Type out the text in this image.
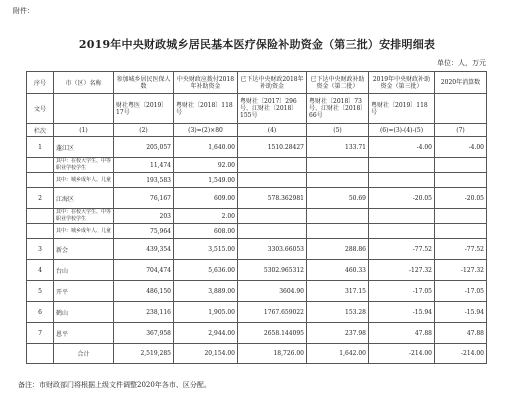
附件：
2019年中央财政城乡居民基本医疗保险补助资金（第三批）安排明细表
单位：人，万元
序号	市（区）名称	参加城乡居民医保人数	中央财政应拨付2018年补助资金	已下达中央财政2018年补助资金	已下达中央财政补助资金（第二批）	2019年中央财政补助资金（第三批）	2020年消算数
文号		财社粤医〔2019〕17号	粤财社〔2018〕118号	粤财社〔2017〕296号、江财社〔2018〕155号	粤财社〔2018〕73号、江财社〔2018〕66号	粤财社〔2019〕118号	
栏次	(1)	(2)	(3)=(2)×80	(4)	(5)	(6)=(3)-(4)-(5)	(7)
1	蓬江区	205,057	1,640.00	1510.28427	133.71	-4.00	-4.00
	其中：在校大学生、中等职业学校学生	11,474	92.00				
	其中：城乡成年人、儿童	193,583	1,549.00				
2	江海区	76,167	609.00	578.362981	50.69	-20.05	-20.05
	其中：在校大学生、中等职业学校学生	203	2.00				
	其中：城乡成年人、儿童	75,964	608.00				
3	新会	439,354	3,515.00	3303.66053	288.86	-77.52	-77.52
4	台山	704,474	5,636.00	5302.965312	460.33	-127.32	-127.32
5	开平	486,150	3,889.00	3604.90	317.15	-17.05	-17.05
6	鹤山	238,116	1,905.00	1767.659022	153.28	-15.94	-15.94
7	恩平	367,958	2,944.00	2658.144095	237.98	47.88	47.88
	合计	2,519,285	20,154.00	18,726.00	1,642.00	-214.00	-214.00
备注：市财政部门将根据上级文件调整2020年各市、区分配。
